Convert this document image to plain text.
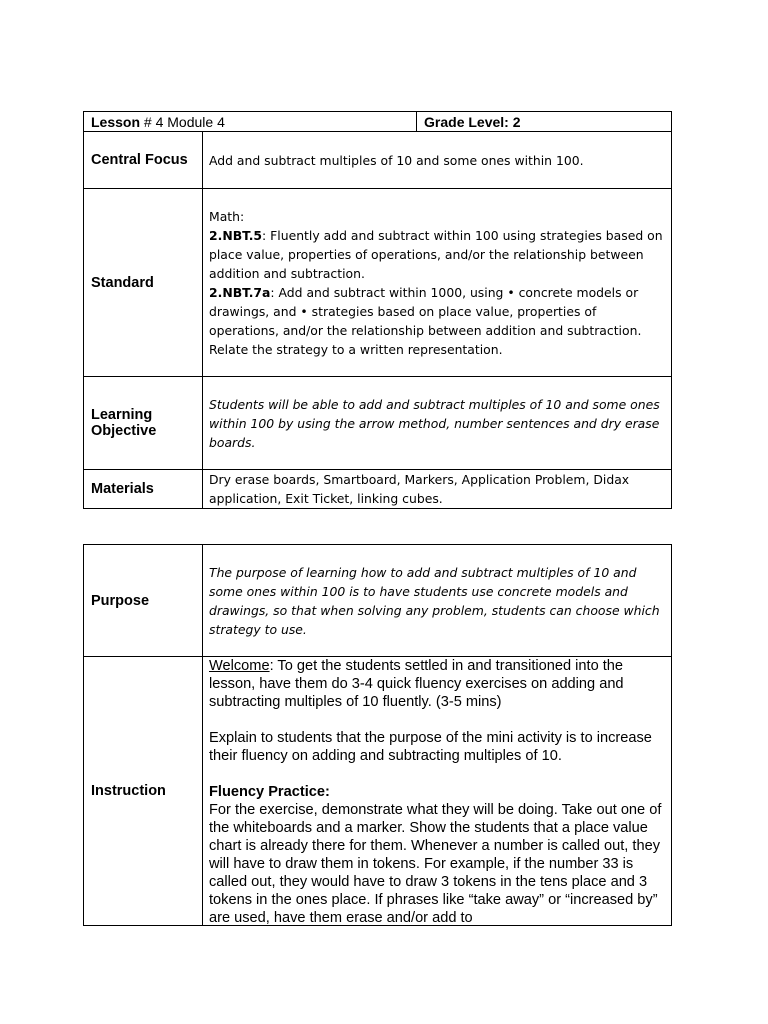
Lesson # 4 Module 4		Grade Level: 2
Central Focus	Add and subtract multiples of 10 and some ones within 100.	
Standard	Math:
2.NBT.5: Fluently add and subtract within 100 using strategies based on place value, properties of operations, and/or the relationship between addition and subtraction.
2.NBT.7a: Add and subtract within 1000, using • concrete models or drawings, and • strategies based on place value, properties of operations, and/or the relationship between addition and subtraction. Relate the strategy to a written representation.	

Learning Objective	Students will be able to add and subtract multiples of 10 and some ones within 100 by using the arrow method, number sentences and dry erase boards.	
Materials	Dry erase boards, Smartboard, Markers, Application Problem, Didax application, Exit Ticket, linking cubes.	
Purpose	The purpose of learning how to add and subtract multiples of 10 and some ones within 100 is to have students use concrete models and drawings, so that when solving any problem, students can choose which strategy to use.
Instruction	Welcome: To get the students settled in and transitioned into the lesson, have them do 3-4 quick fluency exercises on adding and subtracting multiples of 10 fluently. (3-5 mins)

Explain to students that the purpose of the mini activity is to increase their fluency on adding and subtracting multiples of 10.

Fluency Practice:

For the exercise, demonstrate what they will be doing. Take out one of the whiteboards and a marker. Show the students that a place value chart is already there for them. Whenever a number is called out, they will have to draw them in tokens. For example, if the number 33 is called out, they would have to draw 3 tokens in the tens place and 3 tokens in the ones place. If phrases like “take away” or “increased by” are used, have them erase and/or add to
